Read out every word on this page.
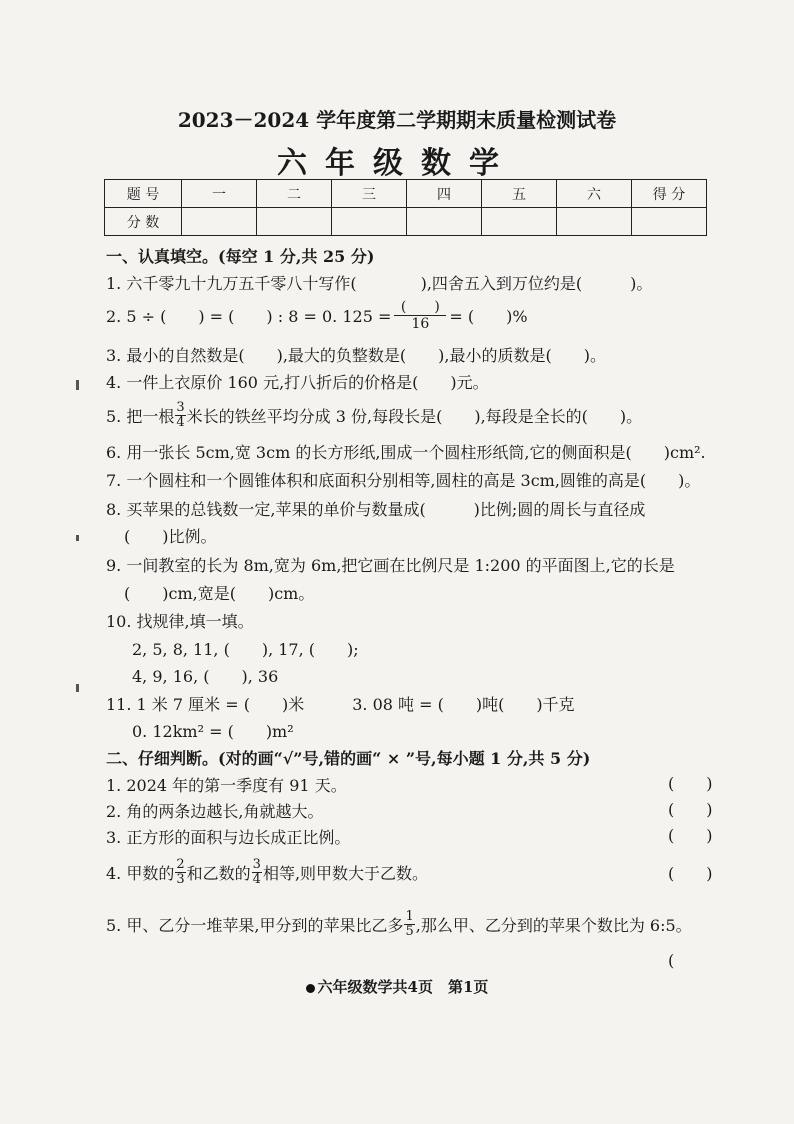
2023－2024 学年度第二学期期末质量检测试卷
六年级数学
题 号	一	二	三	四	五	六	得 分
分 数							
一、认真填空。(每空 1 分,共 25 分)
1. 六千零九十九万五千零八十写作(　　　　),四舍五入到万位约是(　　　)。
2. 5 ÷ (　　) = (　　) : 8 = 0. $125 = \frac{( )}{16}$ = (　　)%
3. 最小的自然数是(　　),最大的负整数是(　　),最小的质数是(　　)。
4. 一件上衣原价 160 元,打八折后的价格是(　　)元。
5. 把一根 $\frac{3}{4}$ 米长的铁丝平均分成 3 份,每段长是(　　),每段是全长的(　　)。
6. 用一张长 5cm,宽 3cm 的长方形纸,围成一个圆柱形纸筒,它的侧面积是(　　)cm².
7. 一个圆柱和一个圆锥体积和底面积分别相等,圆柱的高是 3cm,圆锥的高是(　　)。
8. 买苹果的总钱数一定,苹果的单价与数量成(　　　)比例;圆的周长与直径成
(　　)比例。
9. 一间教室的长为 8m,宽为 6m,把它画在比例尺是 1:200 的平面图上,它的长是
(　　)cm,宽是(　　)cm。
10. 找规律,填一填。
2, 5, 8, 11, (　　), 17, (　　);
4, 9, 16, (　　), 36
11. 1 米 7 厘米 = (　　)米　　　3. 08 吨 = (　　)吨(　　)千克
0. 12km² = (　　)m²
二、仔细判断。(对的画“√”号,错的画“ × ”号,每小题 1 分,共 5 分)
1. 2024 年的第一季度有 91 天。	(　　)
2. 角的两条边越长,角就越大。	(　　)
3. 正方形的面积与边长成正比例。	(　　)
4. 甲数的 $\frac{2}{3}$ 和乙数的 $\frac{3}{4}$ 相等,则甲数大于乙数。	(　　)
5. 甲、乙分一堆苹果,甲分到的苹果比乙多 $\frac{1}{5}$ ,那么甲、乙分到的苹果个数比为 6:5。
(
六年级数学共4页　第1页
